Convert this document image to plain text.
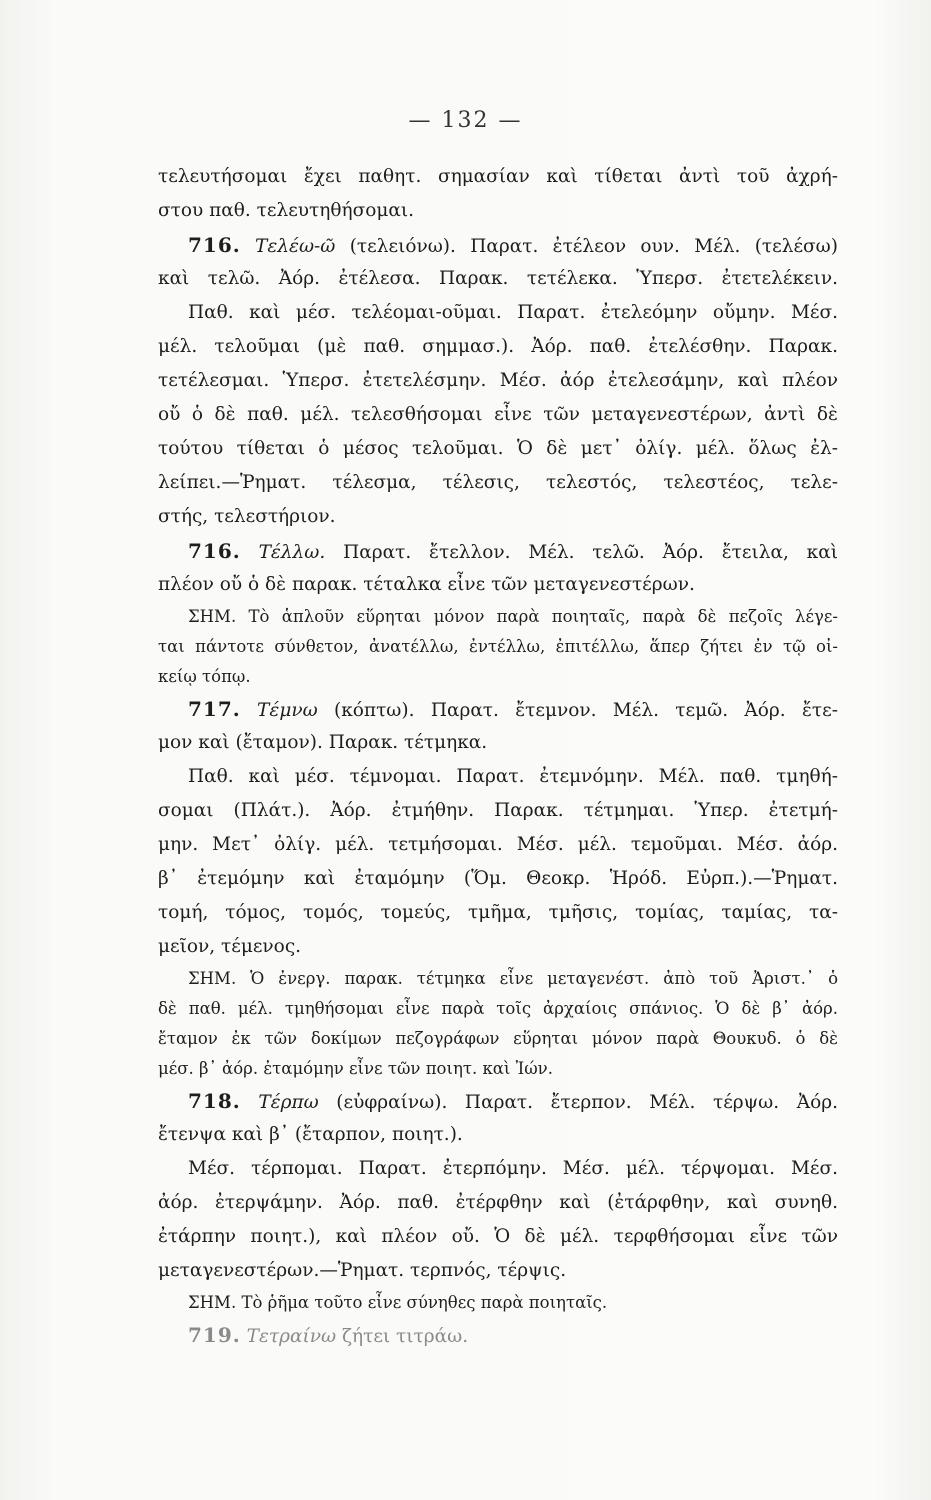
— 132 —
τελευτήσομαι ἔχει παθητ. σημασίαν καὶ τίθεται ἀντὶ τοῦ ἀχρή-
στου παθ. τελευτηθήσομαι.
716. Τελέω-ῶ (τελειόνω). Παρατ. ἐτέλεον ουν. Μέλ. (τελέσω)
καὶ τελῶ. Ἀόρ. ἐτέλεσα. Παρακ. τετέλεκα. Ὑπερσ. ἐτετελέκειν.
Παθ. καὶ μέσ. τελέομαι-οῦμαι. Παρατ. ἐτελεόμην οὔμην. Μέσ.
μέλ. τελοῦμαι (μὲ παθ. σημμασ.). Ἀόρ. παθ. ἐτελέσθην. Παρακ.
τετέλεσμαι. Ὑπερσ. ἐτετελέσμην. Μέσ. ἀόρ ἐτελεσάμην, καὶ πλέον
οὔ ὁ δὲ παθ. μέλ. τελεσθήσομαι εἶνε τῶν μεταγενεστέρων, ἀντὶ δὲ
τούτου τίθεται ὁ μέσος τελοῦμαι. Ὁ δὲ μετ᾽ ὀλίγ. μέλ. ὅλως ἐλ-
λείπει.—Ῥηματ. τέλεσμα, τέλεσις, τελεστός, τελεστέος, τελε-
στής, τελεστήριον.
716. Τέλλω. Παρατ. ἔτελλον. Μέλ. τελῶ. Ἀόρ. ἔτειλα, καὶ
πλέον οὔ ὁ δὲ παρακ. τέταλκα εἶνε τῶν μεταγενεστέρων.
ΣΗΜ. Τὸ ἁπλοῦν εὕρηται μόνον παρὰ ποιηταῖς, παρὰ δὲ πεζοῖς λέγε-
ται πάντοτε σύνθετον, ἀνατέλλω, ἐντέλλω, ἐπιτέλλω, ἅπερ ζήτει ἐν τῷ οἰ-
κείῳ τόπῳ.
717. Τέμνω (κόπτω). Παρατ. ἔτεμνον. Μέλ. τεμῶ. Ἀόρ. ἔτε-
μον καὶ (ἔταμον). Παρακ. τέτμηκα.
Παθ. καὶ μέσ. τέμνομαι. Παρατ. ἐτεμνόμην. Μέλ. παθ. τμηθή-
σομαι (Πλάτ.). Ἀόρ. ἐτμήθην. Παρακ. τέτμημαι. Ὑπερ. ἐτετμή-
μην. Μετ᾽ ὀλίγ. μέλ. τετμήσομαι. Μέσ. μέλ. τεμοῦμαι. Μέσ. ἀόρ.
β᾽ ἐτεμόμην καὶ ἐταμόμην (Ὅμ. Θεοκρ. Ἡρόδ. Εὐρπ.).—Ῥηματ.
τομή, τόμος, τομός, τομεύς, τμῆμα, τμῆσις, τομίας, ταμίας, τα-
μεῖον, τέμενος.
ΣΗΜ. Ὁ ἐνεργ. παρακ. τέτμηκα εἶνε μεταγενέστ. ἀπὸ τοῦ Ἀριστ.᾽ ὁ
δὲ παθ. μέλ. τμηθήσομαι εἶνε παρὰ τοῖς ἀρχαίοις σπάνιος. Ὁ δὲ β᾽ ἀόρ.
ἔταμον ἐκ τῶν δοκίμων πεζογράφων εὕρηται μόνον παρὰ Θουκυδ. ὁ δὲ
μέσ. β᾽ ἀόρ. ἐταμόμην εἶνε τῶν ποιητ. καὶ Ἰών.
718. Τέρπω (εὐφραίνω). Παρατ. ἔτερπον. Μέλ. τέρψω. Ἀόρ.
ἔτενψα καὶ β᾽ (ἔταρπον, ποιητ.).
Μέσ. τέρπομαι. Παρατ. ἐτερπόμην. Μέσ. μέλ. τέρψομαι. Μέσ.
ἀόρ. ἐτερψάμην. Ἀόρ. παθ. ἐτέρφθην καὶ (ἐτάρφθην, καὶ συνηθ.
ἐτάρπην ποιητ.), καὶ πλέον οὔ. Ὁ δὲ μέλ. τερφθήσομαι εἶνε τῶν
μεταγενεστέρων.—Ῥηματ. τερπνός, τέρψις.
ΣΗΜ. Τὸ ῥῆμα τοῦτο εἶνε σύνηθες παρὰ ποιηταῖς.
719. Τετραίνω ζήτει τιτράω.
